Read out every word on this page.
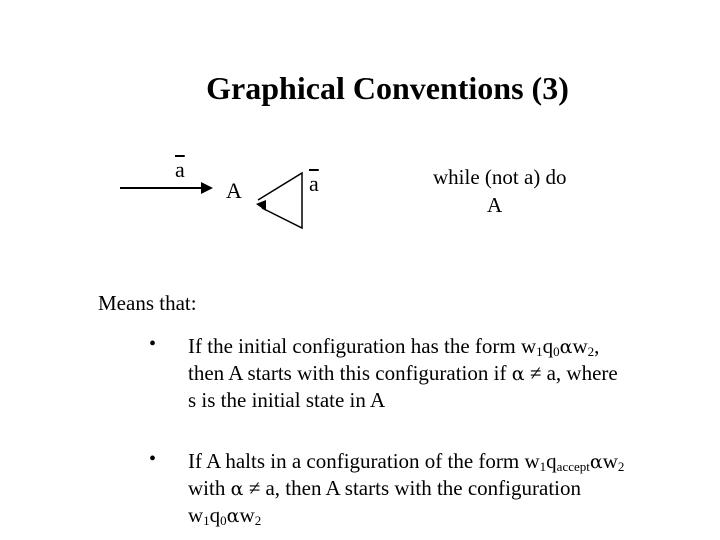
Graphical Conventions (3)
$\overline{a}$
A	$\overline{a}$	while (not a) do
A
Means that:
• If the initial configuration has the form $w_1q_0\alpha w_2$,
then A starts with this configuration if α ≠ a, where
s is the initial state in A
• If A halts in a configuration of the form $w_1q_{accept}\alpha w_2$
with α ≠ a, then A starts with the configuration
$w_1q_0\alpha w_2$
